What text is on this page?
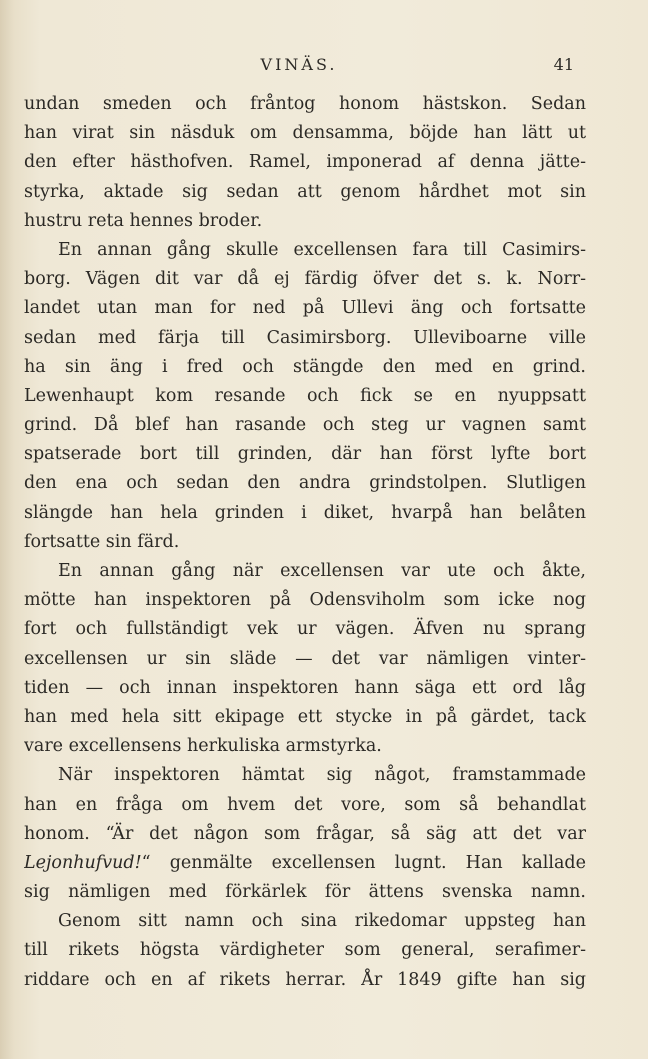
VINÄS.	41
undan smeden och fråntog honom hästskon. Sedan
han virat sin näsduk om densamma, böjde han lätt ut
den efter hästhofven. Ramel, imponerad af denna jätte-
styrka, aktade sig sedan att genom hårdhet mot sin
hustru reta hennes broder.
En annan gång skulle excellensen fara till Casimirs-
borg. Vägen dit var då ej färdig öfver det s. k. Norr-
landet utan man for ned på Ullevi äng och fortsatte
sedan med färja till Casimirsborg. Ulleviboarne ville
ha sin äng i fred och stängde den med en grind.
Lewenhaupt kom resande och fick se en nyuppsatt
grind. Då blef han rasande och steg ur vagnen samt
spatserade bort till grinden, där han först lyfte bort
den ena och sedan den andra grindstolpen. Slutligen
slängde han hela grinden i diket, hvarpå han belåten
fortsatte sin färd.
En annan gång när excellensen var ute och åkte,
mötte han inspektoren på Odensviholm som icke nog
fort och fullständigt vek ur vägen. Äfven nu sprang
excellensen ur sin släde — det var nämligen vinter-
tiden — och innan inspektoren hann säga ett ord låg
han med hela sitt ekipage ett stycke in på gärdet, tack
vare excellensens herkuliska armstyrka.
När inspektoren hämtat sig något, framstammade
han en fråga om hvem det vore, som så behandlat
honom. “Är det någon som frågar, så säg att det var
Lejonhufvud!“ genmälte excellensen lugnt. Han kallade
sig nämligen med förkärlek för ättens svenska namn.
Genom sitt namn och sina rikedomar uppsteg han
till rikets högsta värdigheter som general, serafimer-
riddare och en af rikets herrar. År 1849 gifte han sig
